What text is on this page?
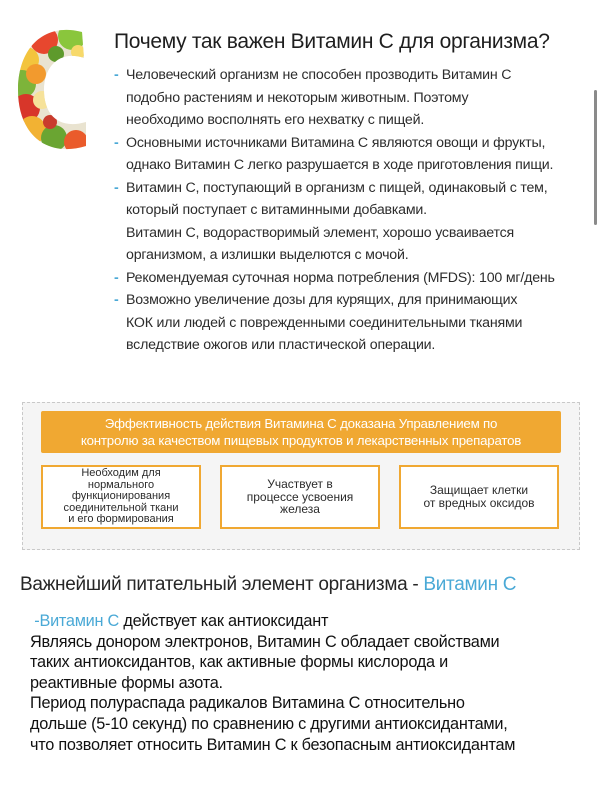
Почему так важен Витамин С для организма?
- Человеческий организм не способен прозводить Витамин С
подобно растениям и некоторым животным. Поэтому
необходимо восполнять его нехватку с пищей.
- Основными источниками Витамина С являются овощи и фрукты,
однако Витамин С легко разрушается в ходе приготовления пищи.
- Витамин С, поступающий в организм с пищей, одинаковый с тем,
который поступает с витаминными добавками.
Витамин С, водорастворимый элемент, хорошо усваивается
организмом, а излишки выделются с мочой.
- Рекомендуемая суточная норма потребления (MFDS): 100 мг/день
- Возможно увеличение дозы для курящих, для принимающих
КОК или людей с поврежденными соединительными тканями
вследствие ожогов или пластической операции.
Эффективность действия Витамина С доказана Управлением по
контролю за качеством пищевых продуктов и лекарственных препаратов
Необходим для
нормального
функционирования
соединительной ткани
и его формирования
Участвует в
процессе усвоения
железа
Защищает клетки
от вредных оксидов
Важнейший питательный элемент организма - Витамин С
-Витамин С действует как антиоксидант
Являясь донором электронов, Витамин С обладает свойствами
таких антиоксидантов, как активные формы кислорода и
реактивные формы азота.
Период полураспада радикалов Витамина С относительно
дольше (5-10 секунд) по сравнению с другими антиоксидантами,
что позволяет относить Витамин С к безопасным антиоксидантам
